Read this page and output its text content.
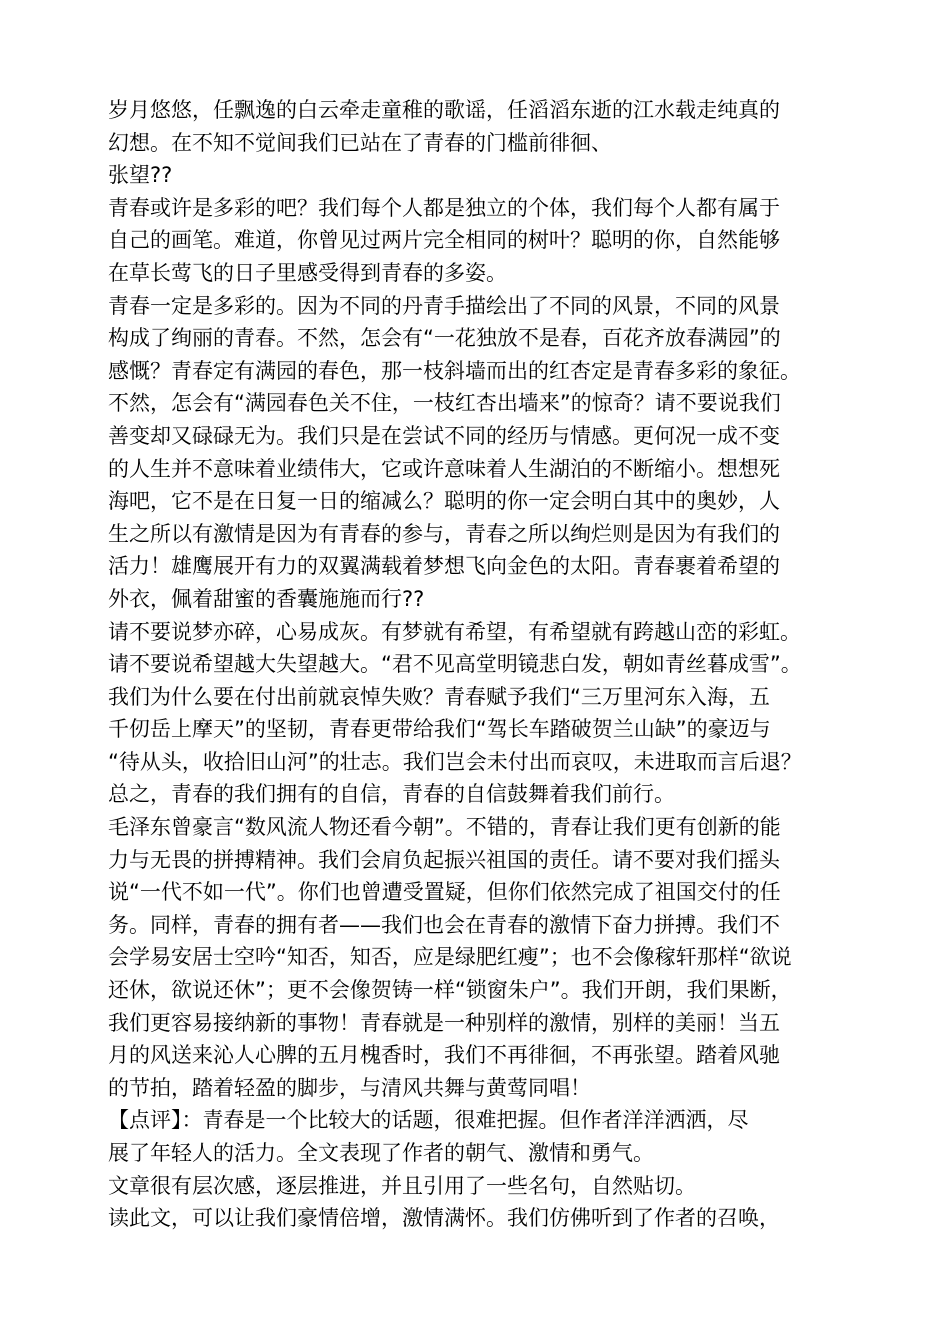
岁月悠悠，任飘逸的白云牵走童稚的歌谣，任滔滔东逝的江水载走纯真的
幻想。在不知不觉间我们已站在了青春的门槛前徘徊、
张望??
青春或许是多彩的吧？我们每个人都是独立的个体，我们每个人都有属于
自己的画笔。难道，你曾见过两片完全相同的树叶？聪明的你，自然能够
在草长莺飞的日子里感受得到青春的多姿。
青春一定是多彩的。因为不同的丹青手描绘出了不同的风景，不同的风景
构成了绚丽的青春。不然，怎会有“一花独放不是春，百花齐放春满园”的
感慨？青春定有满园的春色，那一枝斜墙而出的红杏定是青春多彩的象征。
不然，怎会有“满园春色关不住，一枝红杏出墙来”的惊奇？请不要说我们
善变却又碌碌无为。我们只是在尝试不同的经历与情感。更何况一成不变
的人生并不意味着业绩伟大，它或许意味着人生湖泊的不断缩小。想想死
海吧，它不是在日复一日的缩减么？聪明的你一定会明白其中的奥妙，人
生之所以有激情是因为有青春的参与，青春之所以绚烂则是因为有我们的
活力！雄鹰展开有力的双翼满载着梦想飞向金色的太阳。青春裹着希望的
外衣，佩着甜蜜的香囊施施而行??
请不要说梦亦碎，心易成灰。有梦就有希望，有希望就有跨越山峦的彩虹。
请不要说希望越大失望越大。“君不见高堂明镜悲白发，朝如青丝暮成雪”。
我们为什么要在付出前就哀悼失败？青春赋予我们“三万里河东入海，五
千仞岳上摩天”的坚韧，青春更带给我们“驾长车踏破贺兰山缺”的豪迈与
“待从头，收拾旧山河”的壮志。我们岂会未付出而哀叹，未进取而言后退？
总之，青春的我们拥有的自信，青春的自信鼓舞着我们前行。
毛泽东曾豪言“数风流人物还看今朝”。不错的，青春让我们更有创新的能
力与无畏的拼搏精神。我们会肩负起振兴祖国的责任。请不要对我们摇头
说“一代不如一代”。你们也曾遭受置疑，但你们依然完成了祖国交付的任
务。同样，青春的拥有者——我们也会在青春的激情下奋力拼搏。我们不
会学易安居士空吟“知否，知否，应是绿肥红瘦”；也不会像稼轩那样“欲说
还休，欲说还休”；更不会像贺铸一样“锁窗朱户”。我们开朗，我们果断，
我们更容易接纳新的事物！青春就是一种别样的激情，别样的美丽！当五
月的风送来沁人心脾的五月槐香时，我们不再徘徊，不再张望。踏着风驰
的节拍，踏着轻盈的脚步，与清风共舞与黄莺同唱！
【点评】：青春是一个比较大的话题，很难把握。但作者洋洋洒洒，尽
展了年轻人的活力。全文表现了作者的朝气、激情和勇气。
文章很有层次感，逐层推进，并且引用了一些名句，自然贴切。
读此文，可以让我们豪情倍增，激情满怀。我们仿佛听到了作者的召唤，
